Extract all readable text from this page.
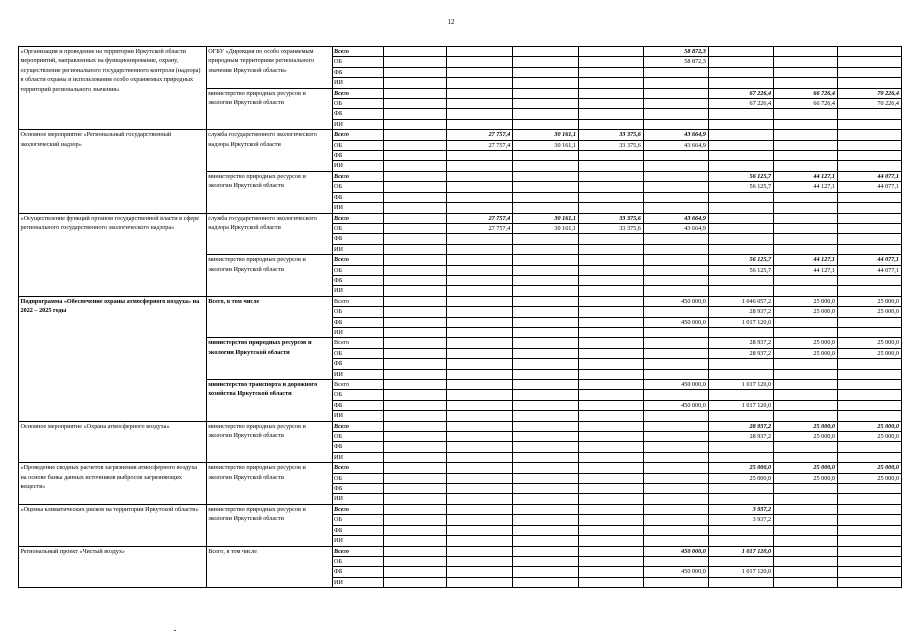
12
«Организация и проведение на территории Иркутской области мероприятий, направленных на функционирование, охрану, осуществление регионального государственного контроля (надзора) в области охраны и использования особо охраняемых природных территорий регионального значения»	ОГБУ «Дирекция по особо охраняемым природным территориям регионального значения Иркутской области»	Всего					58 872,3			
		ОБ					58 872,3			
		ФБ								
		ИИ								
	министерство природных ресурсов и экологии Иркутской области	Всего						67 226,4	66 726,4	70 226,4
		ОБ						67 226,4	66 726,4	70 226,4
		ФБ								
		ИИ								
Основное мероприятие «Региональный государственный экологический надзор»	служба государственного экологического надзора Иркутской области	Всего		27 757,4	30 161,1	33 375,6	43 664,9			
		ОБ		27 757,4	30 161,1	33 375,6	43 664,9			
		ФБ								
		ИИ								
	министерство природных ресурсов и экологии Иркутской области	Всего						56 125,7	44 127,1	44 077,1
		ОБ						56 125,7	44 127,1	44 077,1
		ФБ								
		ИИ								
«Осуществление функций органом государственной власти в сфере регионального государственного экологического надзора»	служба государственного экологического надзора Иркутской области	Всего		27 757,4	30 161,1	33 375,6	43 664,9			
		ОБ		27 757,4	30 161,1	33 375,6	43 664,9			
		ФБ								
		ИИ								
	министерство природных ресурсов и экологии Иркутской области	Всего						56 125,7	44 127,1	44 077,1
		ОБ						56 125,7	44 127,1	44 077,1
		ФБ								
		ИИ								
Подпрограмма «Обеспечение охраны атмосферного воздуха» на 2022 – 2025 годы	Всего, в том числе	Всего					450 000,0	1 046 057,2	25 000,0	25 000,0
		ОБ						28 937,2	25 000,0	25 000,0
		ФБ					450 000,0	1 017 120,0		
		ИИ								
	министерство природных ресурсов и экологии Иркутской области	Всего						28 937,2	25 000,0	25 000,0
		ОБ						28 937,2	25 000,0	25 000,0
		ФБ								
		ИИ								
	министерство транспорта и дорожного хозяйства Иркутской области	Всего					450 000,0	1 017 120,0		
		ОБ								
		ФБ					450 000,0	1 017 120,0		
		ИИ								
Основное мероприятие «Охрана атмосферного воздуха»	министерство природных ресурсов и экологии Иркутской области	Всего						28 937,2	25 000,0	25 000,0
		ОБ						28 937,2	25 000,0	25 000,0
		ФБ								
		ИИ								
«Проведение сводных расчетов загрязнения атмосферного воздуха на основе банка данных источников выбросов загрязняющих веществ»	министерство природных ресурсов и экологии Иркутской области	Всего						25 000,0	25 000,0	25 000,0
		ОБ						25 000,0	25 000,0	25 000,0
		ФБ								
		ИИ								
«Оценка климатических рисков на территории Иркутской области»	министерство природных ресурсов и экологии Иркутской области	Всего						3 937,2		
		ОБ						3 937,2		
		ФБ								
		ИИ								
Региональный проект «Чистый воздух»	Всего, в том числе	Всего					450 000,0	1 017 120,0		
		ОБ								
		ФБ					450 000,0	1 017 120,0		
		ИИ								
